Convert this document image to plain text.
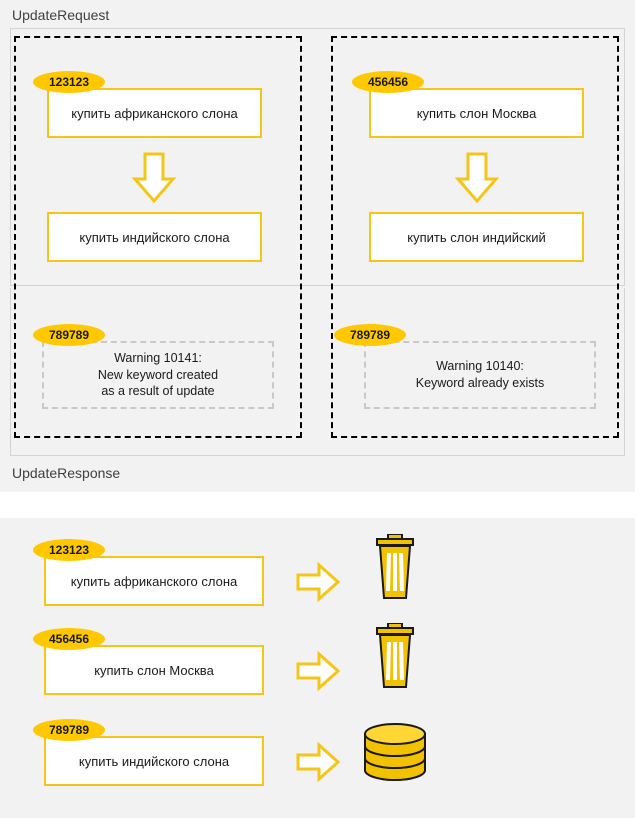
UpdateRequest
купить африканского слона
123123
купить индийского слона
Warning 10141:
New keyword created
as a result of update
789789
купить слон Москва
456456
купить слон индийский
Warning 10140:
Keyword already exists
789789
UpdateResponse
купить африканского слона
123123
купить слон Москва
456456
купить индийского слона
789789
